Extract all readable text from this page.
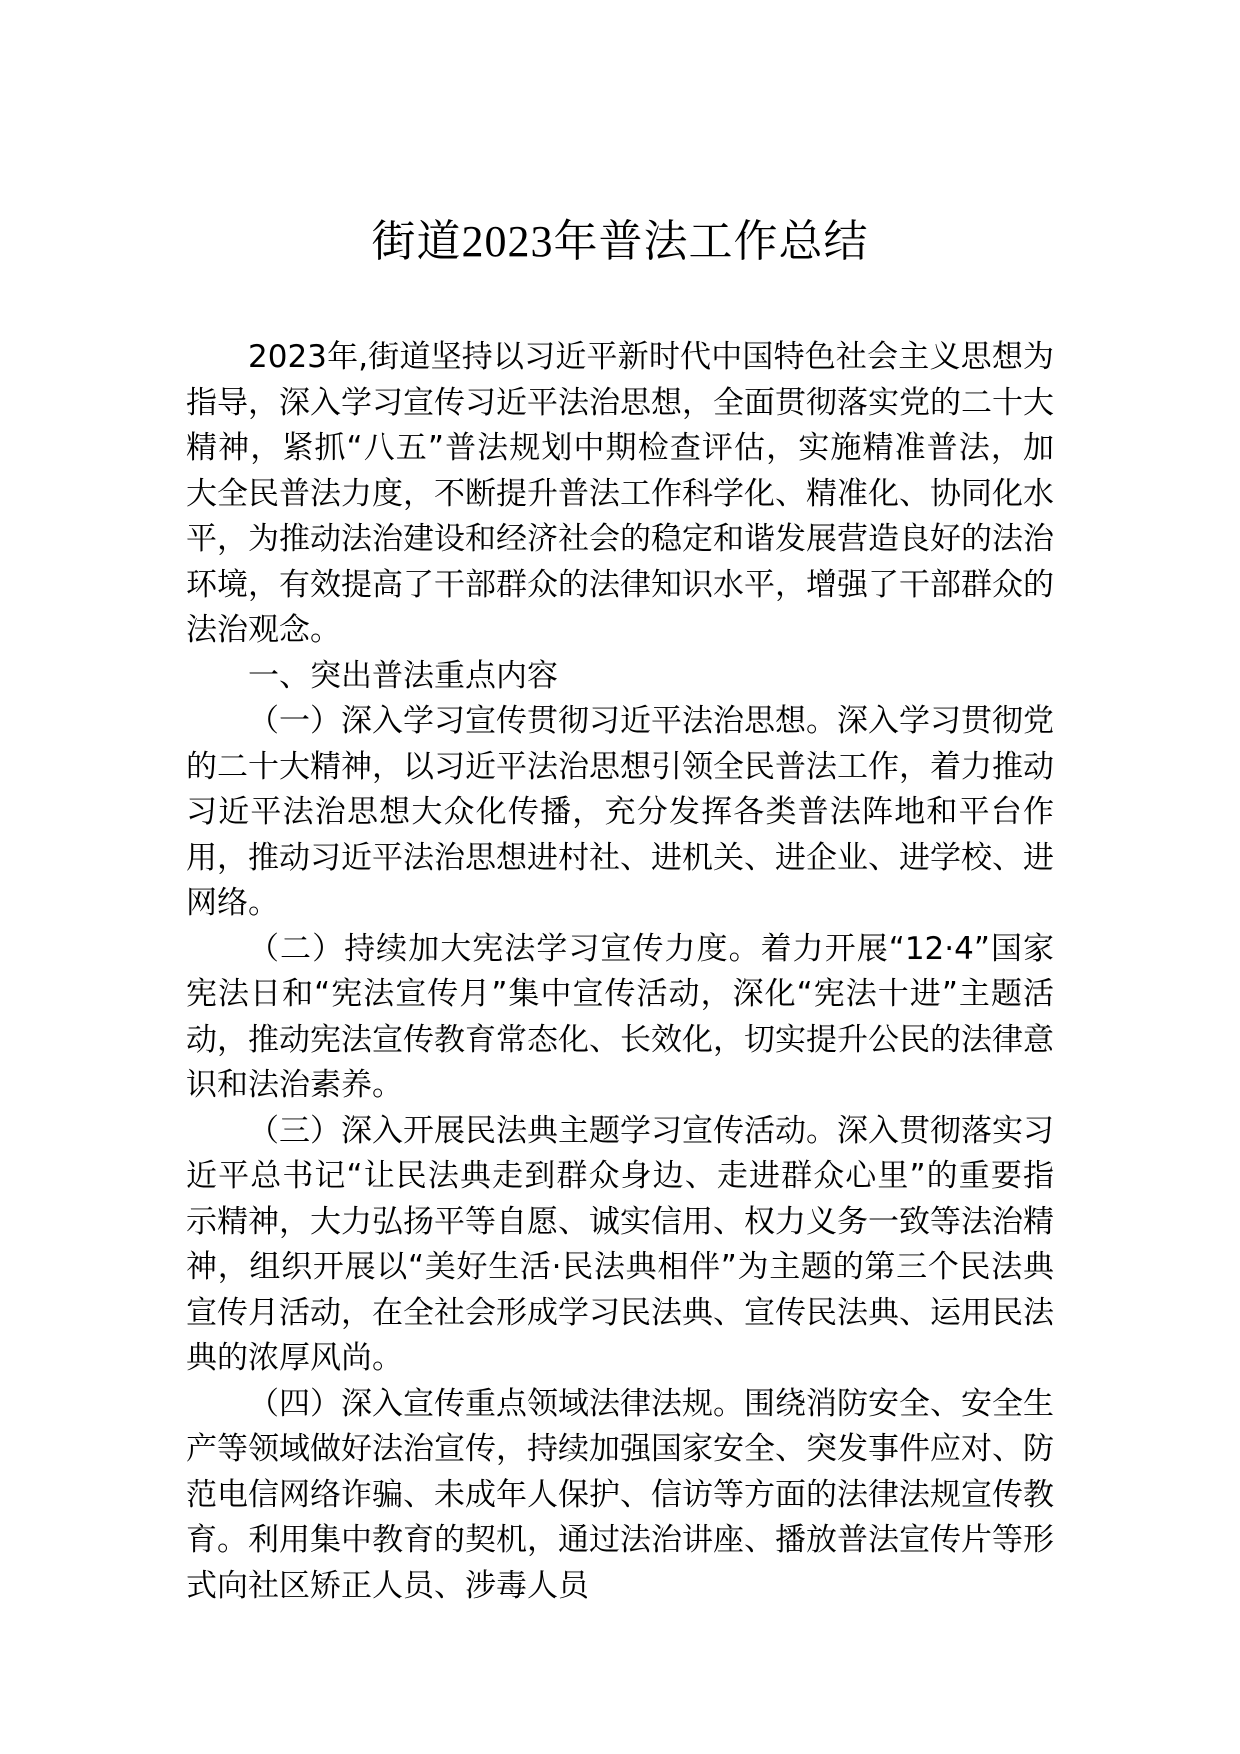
街道2023年普法工作总结

2023年,街道坚持以习近平新时代中国特色社会主义思想为指导，深入学习宣传习近平法治思想，全面贯彻落实党的二十大精神，紧抓“八五”普法规划中期检查评估，实施精准普法，加大全民普法力度，不断提升普法工作科学化、精准化、协同化水平，为推动法治建设和经济社会的稳定和谐发展营造良好的法治环境，有效提高了干部群众的法律知识水平，增强了干部群众的法治观念。

一、突出普法重点内容

（一）深入学习宣传贯彻习近平法治思想。深入学习贯彻党的二十大精神，以习近平法治思想引领全民普法工作，着力推动习近平法治思想大众化传播，充分发挥各类普法阵地和平台作用，推动习近平法治思想进村社、进机关、进企业、进学校、进网络。

（二）持续加大宪法学习宣传力度。着力开展“12·4”国家宪法日和“宪法宣传月”集中宣传活动，深化“宪法十进”主题活动，推动宪法宣传教育常态化、长效化，切实提升公民的法律意识和法治素养。

（三）深入开展民法典主题学习宣传活动。深入贯彻落实习近平总书记“让民法典走到群众身边、走进群众心里”的重要指示精神，大力弘扬平等自愿、诚实信用、权力义务一致等法治精神，组织开展以“美好生活·民法典相伴”为主题的第三个民法典宣传月活动，在全社会形成学习民法典、宣传民法典、运用民法典的浓厚风尚。

（四）深入宣传重点领域法律法规。围绕消防安全、安全生产等领域做好法治宣传，持续加强国家安全、突发事件应对、防范电信网络诈骗、未成年人保护、信访等方面的法律法规宣传教育。利用集中教育的契机，通过法治讲座、播放普法宣传片等形式向社区矫正人员、涉毒人员
